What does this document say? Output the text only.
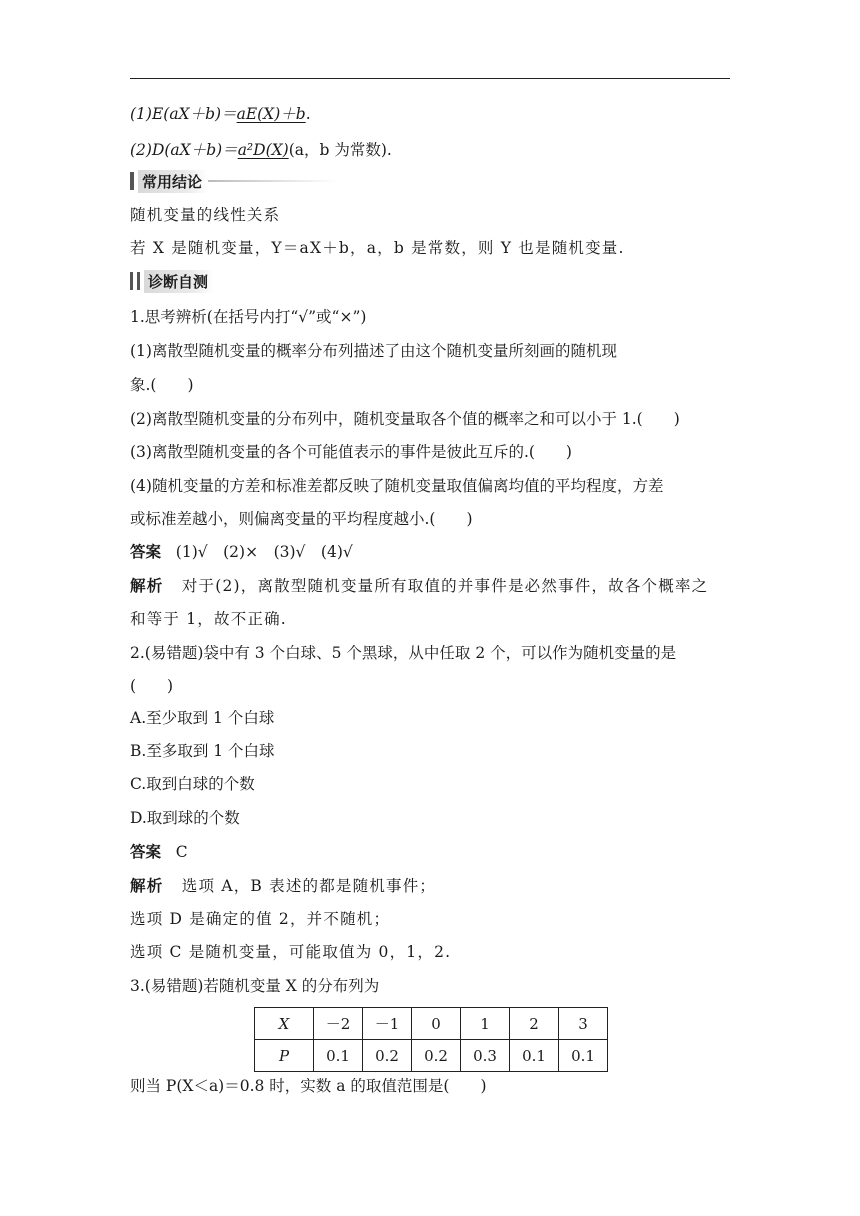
(1)E(aX＋b)＝aE(X)＋b.
(2)D(aX＋b)＝a²D(X)(a，b 为常数).
常用结论
随机变量的线性关系
若 X 是随机变量，Y＝aX＋b，a，b 是常数，则 Y 也是随机变量.
诊断自测
1.思考辨析(在括号内打“√”或“×”)
(1)离散型随机变量的概率分布列描述了由这个随机变量所刻画的随机现
象.(　　)
(2)离散型随机变量的分布列中，随机变量取各个值的概率之和可以小于 1.(　　)
(3)离散型随机变量的各个可能值表示的事件是彼此互斥的.(　　)
(4)随机变量的方差和标准差都反映了随机变量取值偏离均值的平均程度，方差
或标准差越小，则偏离变量的平均程度越小.(　　)
答案 (1)√　(2)×　(3)√　(4)√
解析 对于(2)，离散型随机变量所有取值的并事件是必然事件，故各个概率之
和等于 1，故不正确.
2.(易错题)袋中有 3 个白球、5 个黑球，从中任取 2 个，可以作为随机变量的是
(　　)
A.至少取到 1 个白球
B.至多取到 1 个白球
C.取到白球的个数
D.取到球的个数
答案 C
解析 选项 A，B 表述的都是随机事件；
选项 D 是确定的值 2，并不随机；
选项 C 是随机变量，可能取值为 0，1，2.
3.(易错题)若随机变量 X 的分布列为
X	－2	－1	0	1	2	3
P	0.1	0.2	0.2	0.3	0.1	0.1
则当 P(X＜a)＝0.8 时，实数 a 的取值范围是(　　)
